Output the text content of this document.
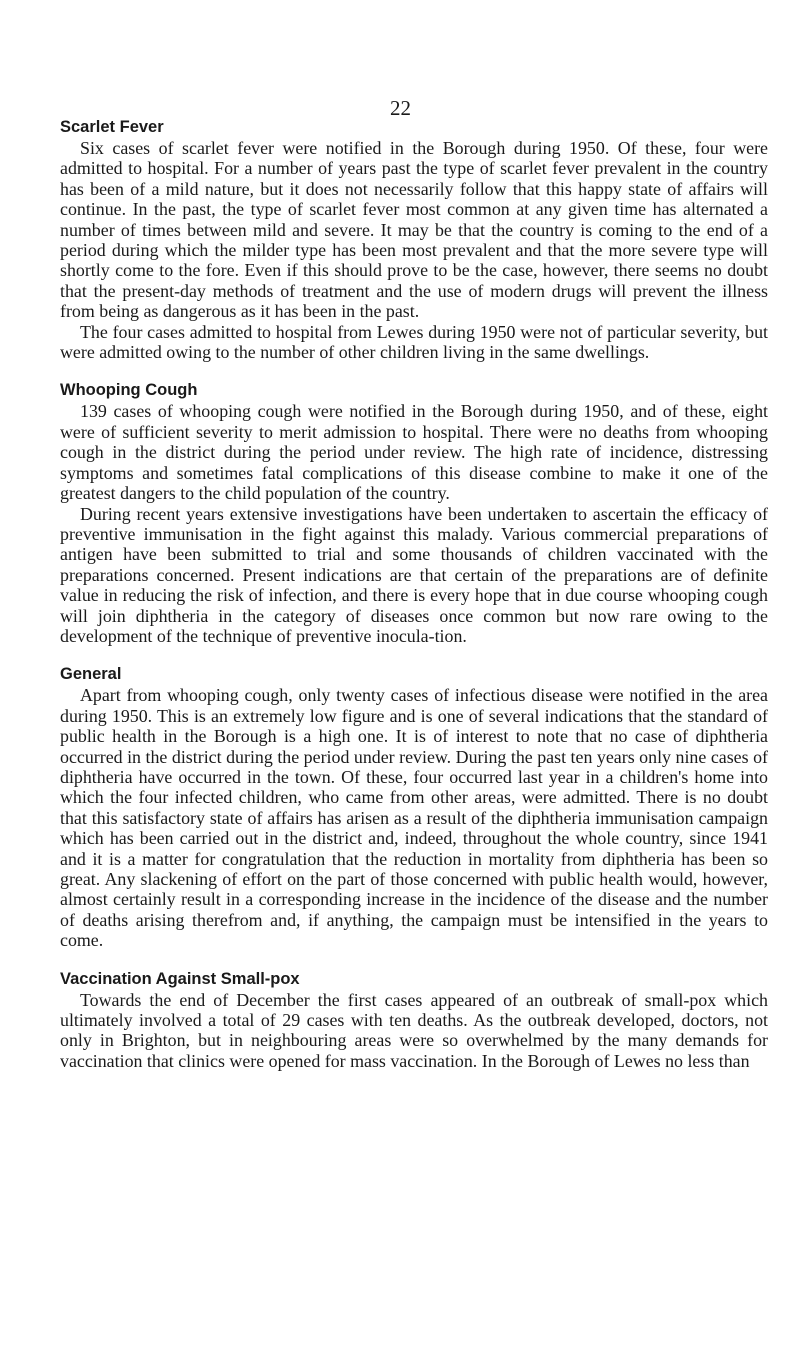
22
Scarlet Fever

Six cases of scarlet fever were notified in the Borough during 1950. Of these, four were admitted to hospital. For a number of years past the type of scarlet fever prevalent in the country has been of a mild nature, but it does not necessarily follow that this happy state of affairs will continue. In the past, the type of scarlet fever most common at any given time has alternated a number of times between mild and severe. It may be that the country is coming to the end of a period during which the milder type has been most prevalent and that the more severe type will shortly come to the fore. Even if this should prove to be the case, however, there seems no doubt that the present-day methods of treatment and the use of modern drugs will prevent the illness from being as dangerous as it has been in the past.

The four cases admitted to hospital from Lewes during 1950 were not of particular severity, but were admitted owing to the number of other children living in the same dwellings.

Whooping Cough

139 cases of whooping cough were notified in the Borough during 1950, and of these, eight were of sufficient severity to merit admission to hospital. There were no deaths from whooping cough in the district during the period under review. The high rate of incidence, distressing symptoms and sometimes fatal complications of this disease combine to make it one of the greatest dangers to the child population of the country.

During recent years extensive investigations have been undertaken to ascertain the efficacy of preventive immunisation in the fight against this malady. Various commercial preparations of antigen have been submitted to trial and some thousands of children vaccinated with the preparations concerned. Present indications are that certain of the preparations are of definite value in reducing the risk of infection, and there is every hope that in due course whooping cough will join diphtheria in the category of diseases once common but now rare owing to the development of the technique of preventive inocula-tion.

General

Apart from whooping cough, only twenty cases of infectious disease were notified in the area during 1950. This is an extremely low figure and is one of several indications that the standard of public health in the Borough is a high one. It is of interest to note that no case of diphtheria occurred in the district during the period under review. During the past ten years only nine cases of diphtheria have occurred in the town. Of these, four occurred last year in a children's home into which the four infected children, who came from other areas, were admitted. There is no doubt that this satisfactory state of affairs has arisen as a result of the diphtheria immunisation campaign which has been carried out in the district and, indeed, throughout the whole country, since 1941 and it is a matter for congratulation that the reduction in mortality from diphtheria has been so great. Any slackening of effort on the part of those concerned with public health would, however, almost certainly result in a corresponding increase in the incidence of the disease and the number of deaths arising therefrom and, if anything, the campaign must be intensified in the years to come.

Vaccination Against Small-pox

Towards the end of December the first cases appeared of an outbreak of small-pox which ultimately involved a total of 29 cases with ten deaths. As the outbreak developed, doctors, not only in Brighton, but in neighbouring areas were so overwhelmed by the many demands for vaccination that clinics were opened for mass vaccination. In the Borough of Lewes no less than
